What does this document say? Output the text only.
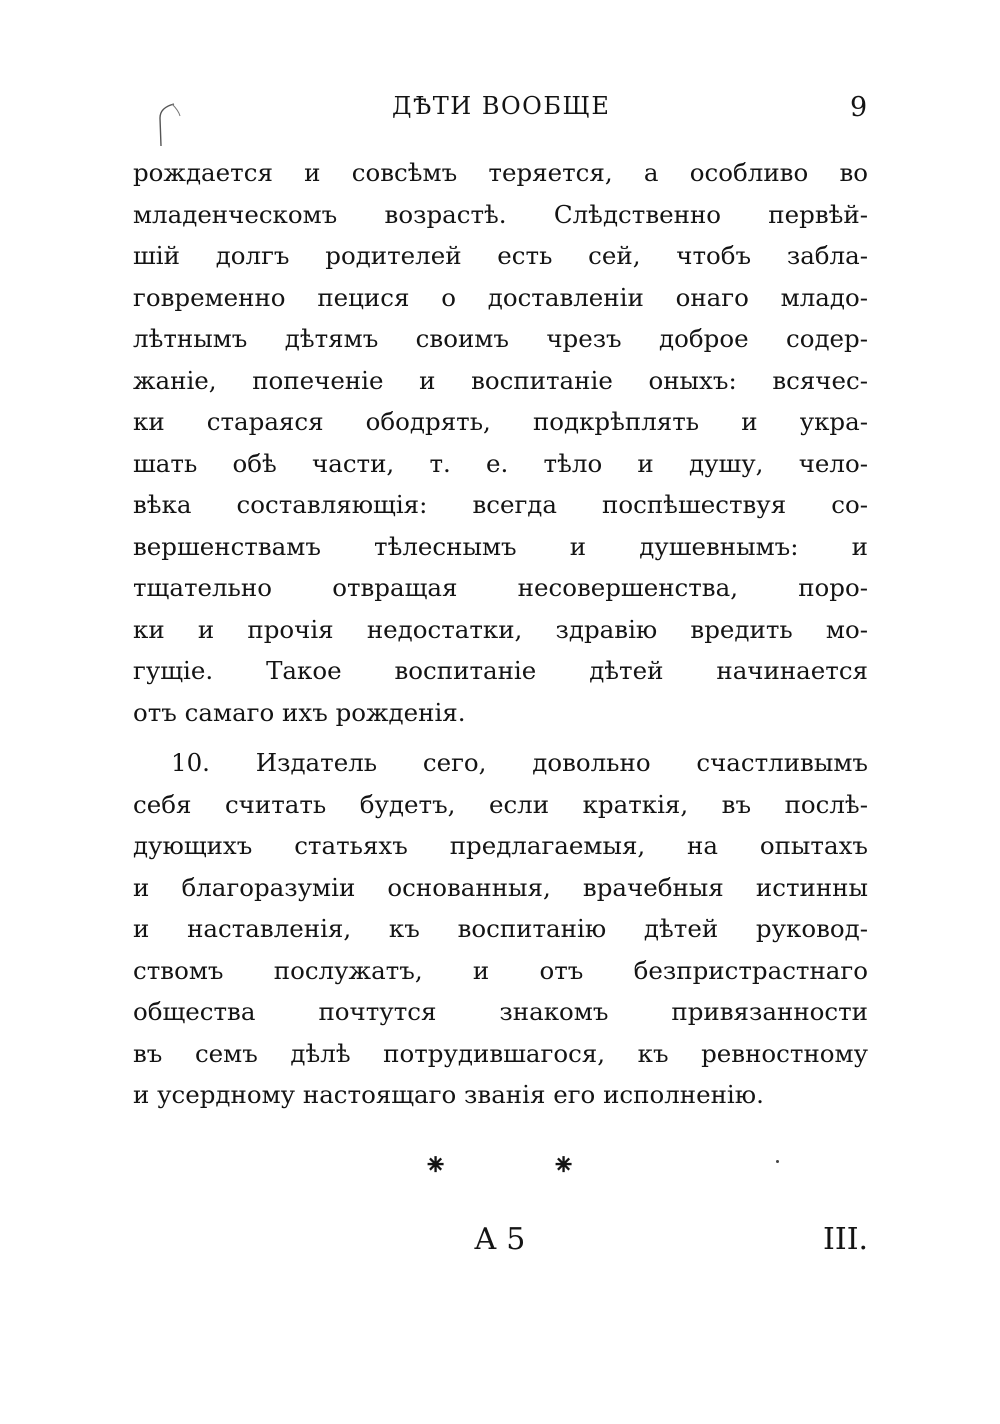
ДѢТИ ВООБЩЕ	9

рождается и совсѣмъ теряется, а особливо во
младенческомъ возрастѣ. Слѣдственно первѣй-
шій долгъ родителей есть сей, чтобъ забла-
говременно пецися о доставленіи онаго младо-
лѣтнымъ дѣтямъ своимъ чрезъ доброе содер-
жаніе, попеченіе и воспитаніе оныхъ: всячес-
ки стараяся ободрять, подкрѣплять и укра-
шать обѣ части, т. е. тѣло и душу, чело-
вѣка составляющія: всегда поспѣшествуя со-
вершенствамъ тѣлеснымъ и душевнымъ: и
тщательно отвращая несовершенства, поро-
ки и прочія недостатки, здравію вредить мо-
гущіе. Такое воспитаніе дѣтей начинается
отъ самаго ихъ рожденія.

10. Издатель сего, довольно счастливымъ
себя считать будетъ, если краткія, въ послѣ-
дующихъ статьяхъ предлагаемыя, на опытахъ
и благоразуміи основанныя, врачебныя истинны
и наставленія, къ воспитанію дѣтей руковод-
ствомъ послужатъ, и отъ безпристрастнаго
общества почтутся знакомъ привязанности
въ семъ дѣлѣ потрудившагося, къ ревностному
и усердному настоящаго званія его исполненію.

⁕	⁕
А 5	III.
